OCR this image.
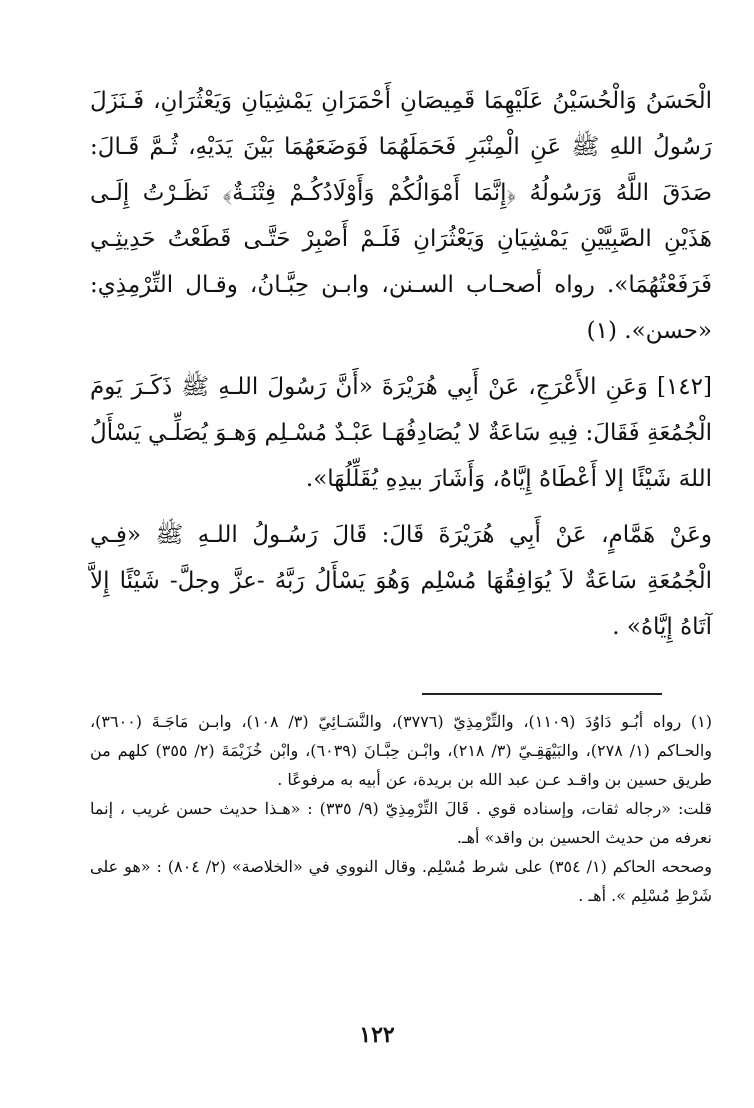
الْحَسَنُ وَالْحُسَيْنُ عَلَيْهِمَا قَمِيصَانِ أَحْمَرَانِ يَمْشِيَانِ وَيَعْثُرَانِ، فَـنَزَلَ رَسُولُ اللهِ ﷺ عَنِ الْمِنْبَرِ فَحَمَلَهُمَا فَوَضَعَهُمَا بَيْنَ يَدَيْهِ، ثُـمَّ قَـالَ: صَدَقَ اللَّهُ وَرَسُولُهُ ﴿إِنَّمَا أَمْوَالُكُمْ وَأَوْلَادُكُـمْ فِتْنَـةٌ﴾ نَظَـرْتُ إِلَـى هَذَيْنِ الصَّبِيَّيْنِ يَمْشِيَانِ وَيَعْثُرَانِ فَلَـمْ أَصْبِرْ حَتَّـى قَطَعْتُ حَدِيثِـي فَرَفَعْتُهُمَا». رواه أصحـاب السـنن، وابـن حِبَّـانُ، وقـال التِّرْمِذِي: «حسن». (١)

[١٤٢] وَعَنِ الأَعْرَجِ، عَنْ أَبِي هُرَيْرَةَ «أَنَّ رَسُولَ اللـهِ ﷺ ذَكَـرَ يَومَ الْجُمُعَةِ فَقَالَ: فِيهِ سَاعَةٌ لا يُصَادِفُهَـا عَبْـدٌ مُسْـلِم وَهـوَ يُصَلِّـي يَسْأَلُ اللهَ شَيْئًا إلا أَعْطَاهُ إِيَّاهُ، وَأَشَارَ بيدِهِ يُقَلِّلُهَا».

وعَنْ هَمَّامٍ، عَنْ أَبِي هُرَيْرَةَ قَالَ: قَالَ رَسُـولُ اللـهِ ﷺ «فِـي الْجُمُعَةِ سَاعَةٌ لاَ يُوَافِقُهَا مُسْلِم وَهُوَ يَسْأَلُ رَبَّهُ -عزَّ وجلَّ- شَيْئًا إِلاَّ آتَاهُ إِيَّاهُ» .

(١) رواه أبُـو دَاوُدَ (١١٠٩)، والتِّرْمِذِيّ (٣٧٧٦)، والنَّسَـائِيّ (٣/ ١٠٨)، وابـن مَاجَـةَ (٣٦٠٠)، والحـاكم (١/ ٢٧٨)، والبَيْهَقِـيّ (٣/ ٢١٨)، وابْـن حِبَّـانَ (٦٠٣٩)، وابْن خُزَيْمَةَ (٢/ ٣٥٥) كلهم من طريق حسين بن واقـد عـن عبد الله بن بريدة، عن أبيه به مرفوعًا .

قلت: «رجاله ثقات، وإسناده قوي . قَالَ التِّرْمِذِيّ (٩/ ٣٣٥) : «هـذا حديث حسن غريب ، إنما نعرفه من حديث الحسين بن واقد» أهـ.

وصححه الحاكم (١/ ٣٥٤) على شرط مُسْلِم. وقال النووي في «الخلاصة» (٢/ ٨٠٤) : «هو على شَرْطِ مُسْلِم ». أهـ .

١٢٢
